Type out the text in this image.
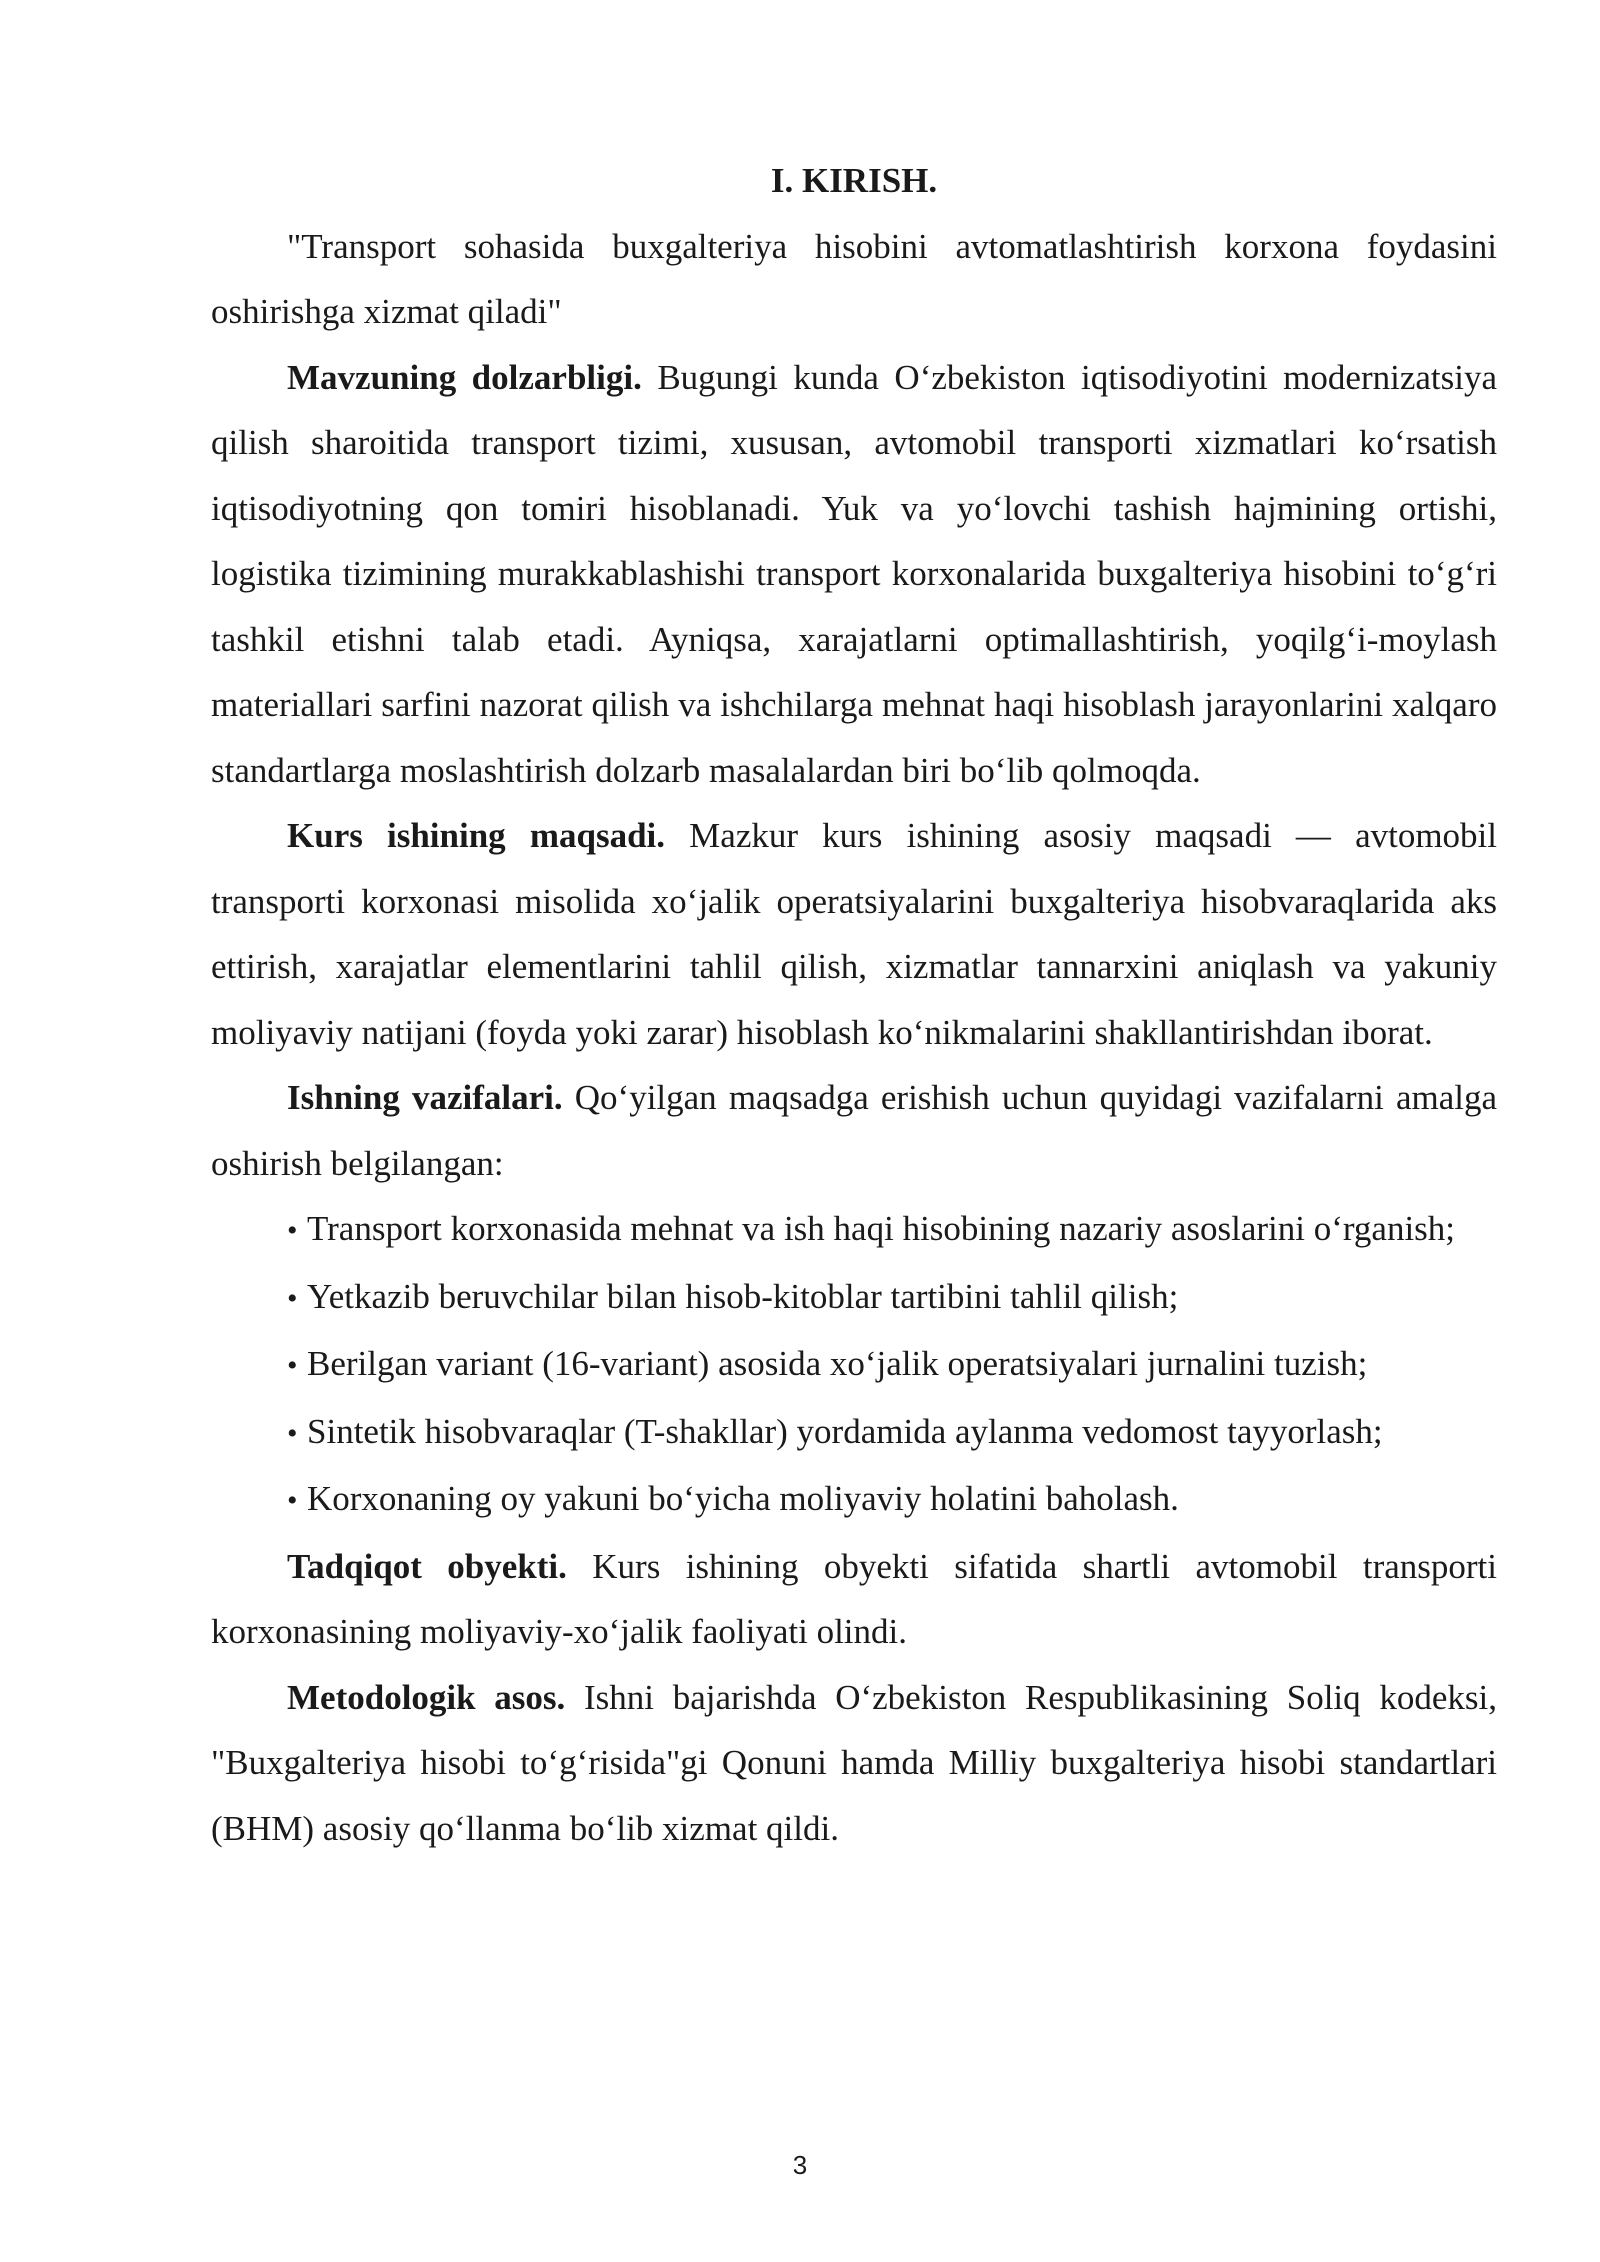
I. KIRISH.

"Transport sohasida buxgalteriya hisobini avtomatlashtirish korxona foydasini oshirishga xizmat qiladi"

Mavzuning dolzarbligi. Bugungi kunda O‘zbekiston iqtisodiyotini modernizatsiya qilish sharoitida transport tizimi, xususan, avtomobil transporti xizmatlari ko‘rsatish iqtisodiyotning qon tomiri hisoblanadi. Yuk va yo‘lovchi tashish hajmining ortishi, logistika tizimining murakkablashishi transport korxonalarida buxgalteriya hisobini to‘g‘ri tashkil etishni talab etadi. Ayniqsa, xarajatlarni optimallashtirish, yoqilg‘i-moylash materiallari sarfini nazorat qilish va ishchilarga mehnat haqi hisoblash jarayonlarini xalqaro standartlarga moslashtirish dolzarb masalalardan biri bo‘lib qolmoqda.

Kurs ishining maqsadi. Mazkur kurs ishining asosiy maqsadi — avtomobil transporti korxonasi misolida xo‘jalik operatsiyalarini buxgalteriya hisobvaraqlarida aks ettirish, xarajatlar elementlarini tahlil qilish, xizmatlar tannarxini aniqlash va yakuniy moliyaviy natijani (foyda yoki zarar) hisoblash ko‘nikmalarini shakllantirishdan iborat.

Ishning vazifalari. Qo‘yilgan maqsadga erishish uchun quyidagi vazifalarni amalga oshirish belgilangan:

• Transport korxonasida mehnat va ish haqi hisobining nazariy asoslarini o‘rganish;

• Yetkazib beruvchilar bilan hisob-kitoblar tartibini tahlil qilish;

• Berilgan variant (16-variant) asosida xo‘jalik operatsiyalari jurnalini tuzish;

• Sintetik hisobvaraqlar (T-shakllar) yordamida aylanma vedomost tayyorlash;

• Korxonaning oy yakuni bo‘yicha moliyaviy holatini baholash.

Tadqiqot obyekti. Kurs ishining obyekti sifatida shartli avtomobil transporti korxonasining moliyaviy-xo‘jalik faoliyati olindi.

Metodologik asos. Ishni bajarishda O‘zbekiston Respublikasining Soliq kodeksi, "Buxgalteriya hisobi to‘g‘risida"gi Qonuni hamda Milliy buxgalteriya hisobi standartlari (BHM) asosiy qo‘llanma bo‘lib xizmat qildi.

3
